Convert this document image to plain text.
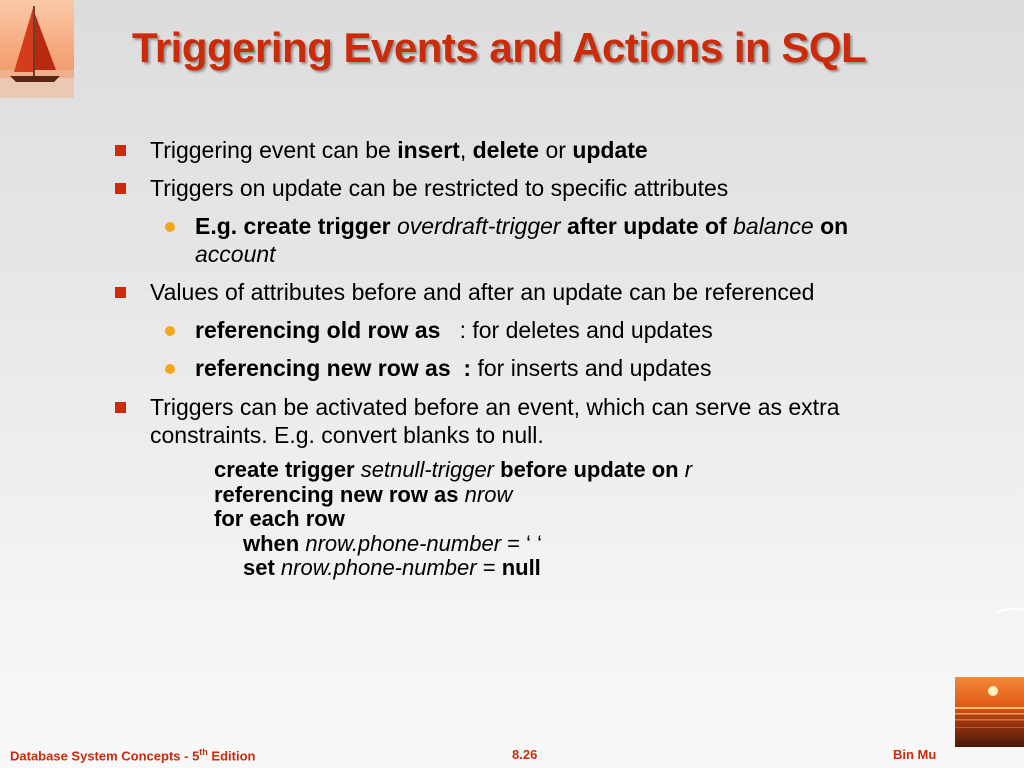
Triggering Events and Actions in SQL
Triggering event can be insert, delete or update
Triggers on update can be restricted to specific attributes
E.g. create trigger overdraft-trigger after update of balance on
account
Values of attributes before and after an update can be referenced
referencing old row as   : for deletes and updates
referencing new row as  : for inserts and updates
Triggers can be activated before an event, which can serve as extra
constraints. E.g. convert blanks to null.
create trigger setnull-trigger before update on r
referencing new row as nrow
for each row
when nrow.phone-number = ‘ ‘
set nrow.phone-number = null
Database System Concepts - 5th Edition	8.26	Bin Mu
